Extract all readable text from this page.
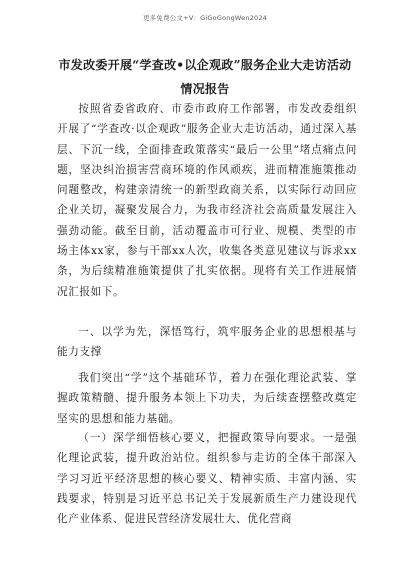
更多免费公文+V：GiGoGongWen2024
市发改委开展“学查改•以企观政”服务企业大走访活动
情况报告
按照省委省政府、市委市政府工作部署，市发改委组织开展了“学查改·以企观政”服务企业大走访活动，通过深入基层、下沉一线，全面排查政策落实“最后一公里”堵点痛点问题，坚决纠治损害营商环境的作风顽疾，进而精准施策推动问题整改，构建亲清统一的新型政商关系，以实际行动回应企业关切，凝聚发展合力，为我市经济社会高质量发展注入强劲动能。截至目前，活动覆盖市可行业、规模、类型的市场主体xx家，参与干部xx人次，收集各类意见建议与诉求xx条，为后续精准施策提供了扎实依据。现将有关工作进展情况汇报如下。
一、以学为先，深悟笃行，筑牢服务企业的思想根基与能力支撑
我们突出“学”这个基础环节，着力在强化理论武装、掌握政策精髓、提升服务本领上下功夫，为后续查摆整改奠定坚实的思想和能力基础。
（一）深学细悟核心要义，把握政策导向要求。一是强化理论武装，提升政治站位。组织参与走访的全体干部深入学习习近平经济思想的核心要义、精神实质、丰富内涵、实践要求，特别是习近平总书记关于发展新质生产力建设现代化产业体系、促进民营经济发展壮大、优化营商
